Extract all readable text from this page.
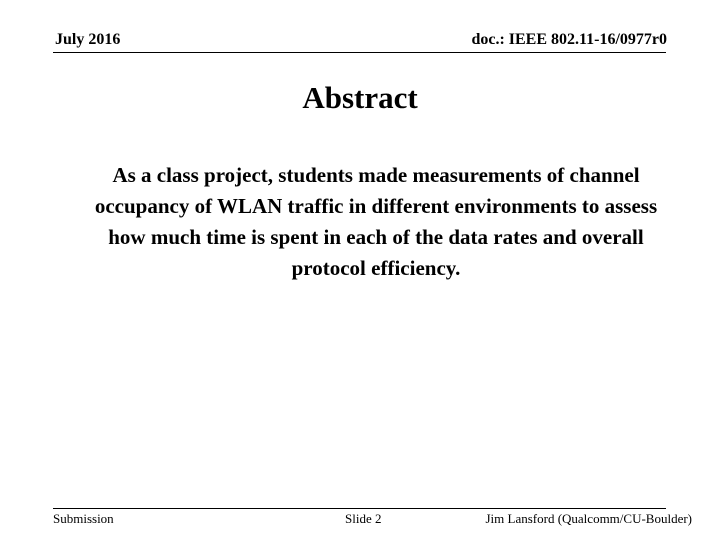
July 2016	doc.: IEEE 802.11-16/0977r0
Abstract
As a class project, students made measurements of channel occupancy of WLAN traffic in different environments to assess how much time is spent in each of the data rates and overall protocol efficiency.
Submission	Slide 2	Jim Lansford (Qualcomm/CU-Boulder)
